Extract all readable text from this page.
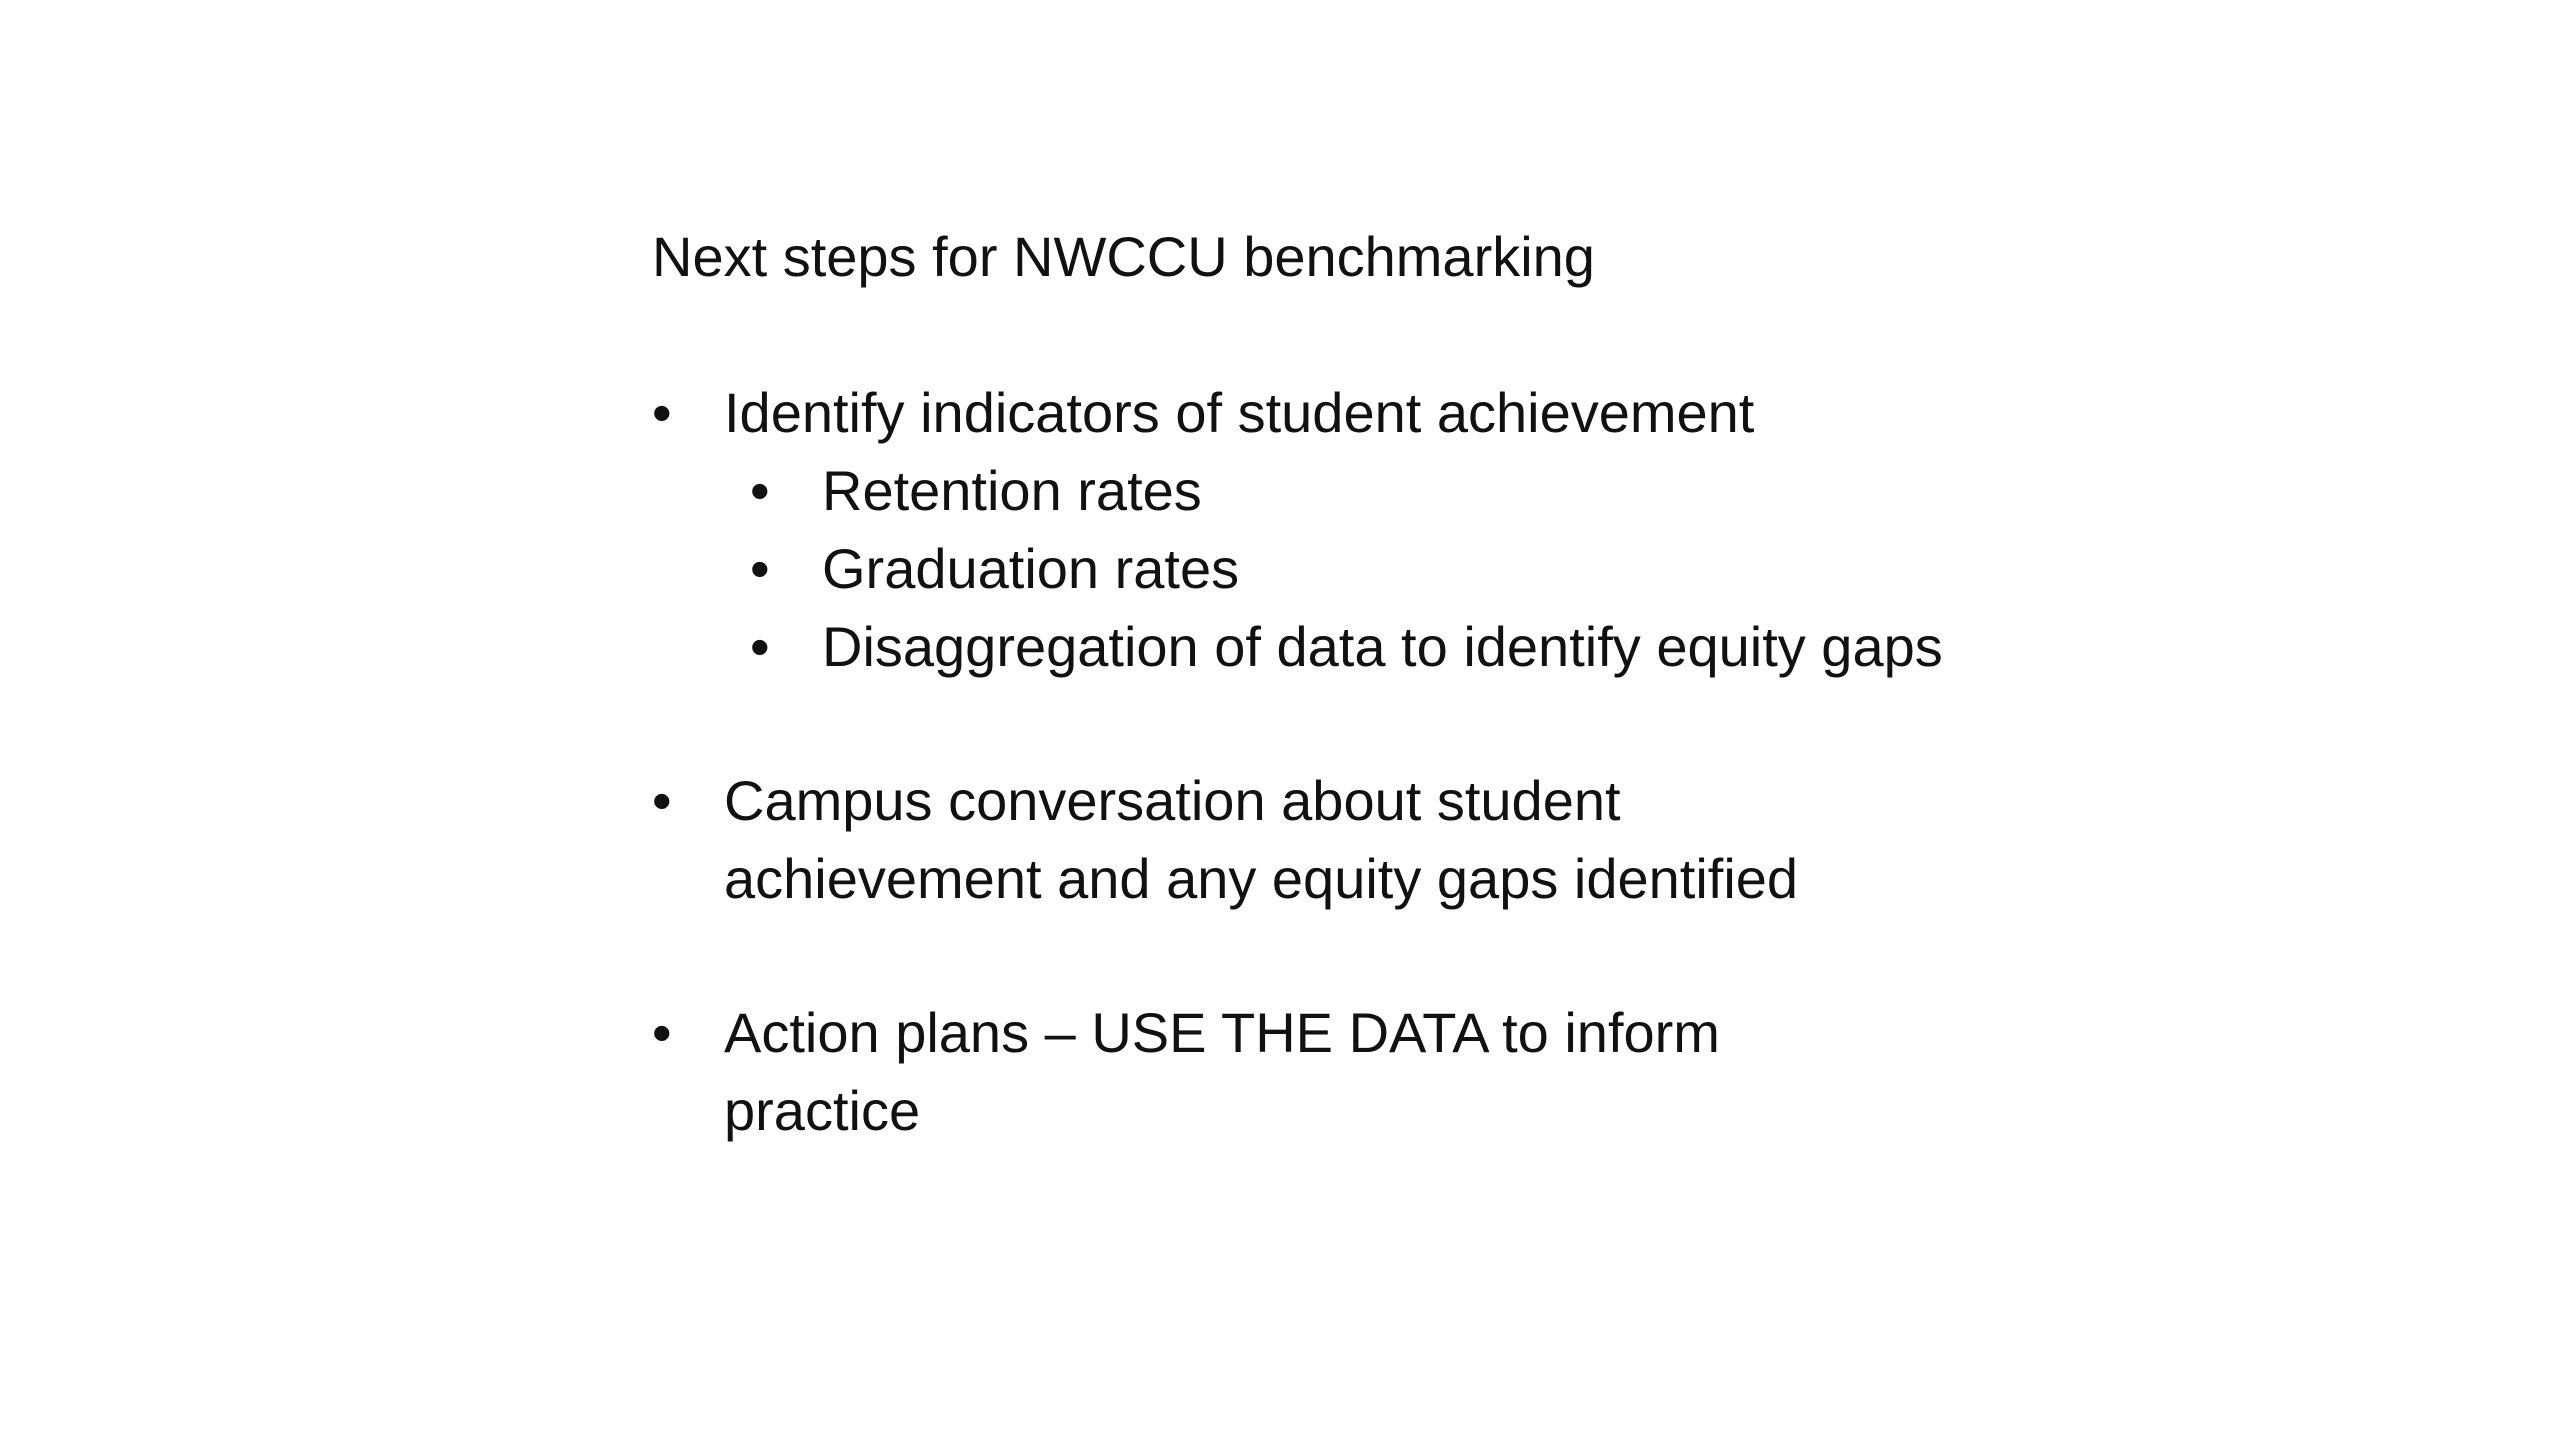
Next steps for NWCCU benchmarking
• Identify indicators of student achievement
• Retention rates
• Graduation rates
• Disaggregation of data to identify equity gaps
• Campus conversation about student achievement and any equity gaps identified
• Action plans – USE THE DATA to inform practice
